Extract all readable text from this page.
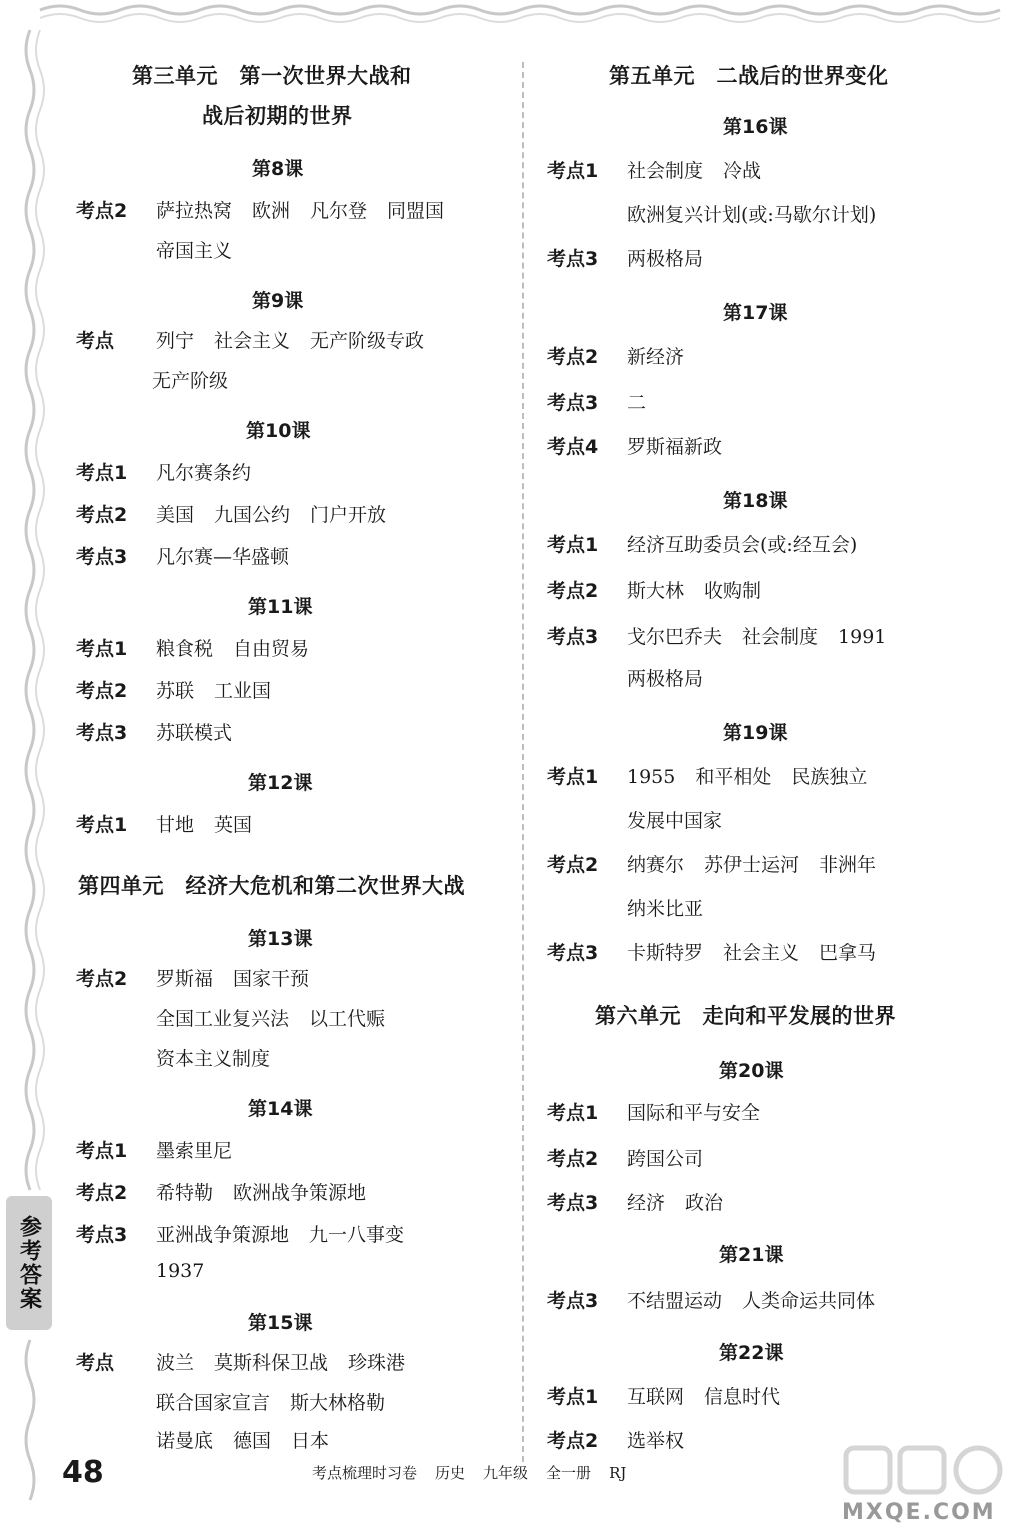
第三单元　第一次世界大战和
战后初期的世界
第8课
考点2 萨拉热窝 欧洲 凡尔登 同盟国
帝国主义
第9课
考点 列宁 社会主义 无产阶级专政
无产阶级
第10课
考点1 凡尔赛条约
考点2 美国 九国公约 门户开放
考点3 凡尔赛—华盛顿
第11课
考点1 粮食税 自由贸易
考点2 苏联 工业国
考点3 苏联模式
第12课
考点1 甘地 英国
第四单元　经济大危机和第二次世界大战
第13课
考点2 罗斯福 国家干预
全国工业复兴法 以工代赈
资本主义制度
第14课
考点1 墨索里尼
考点2 希特勒 欧洲战争策源地
考点3 亚洲战争策源地 九一八事变
1937
第15课
考点 波兰 莫斯科保卫战 珍珠港
联合国家宣言 斯大林格勒
诺曼底 德国 日本
第五单元　二战后的世界变化
第16课
考点1 社会制度 冷战
欧洲复兴计划(或:马歇尔计划)
考点3 两极格局
第17课
考点2 新经济
考点3 二
考点4 罗斯福新政
第18课
考点1 经济互助委员会(或:经互会)
考点2 斯大林 收购制
考点3 戈尔巴乔夫 社会制度 1991
两极格局
第19课
考点1 1955 和平相处 民族独立
发展中国家
考点2 纳赛尔 苏伊士运河 非洲年
纳米比亚
考点3 卡斯特罗 社会主义 巴拿马
第六单元　走向和平发展的世界
第20课
考点1 国际和平与安全
考点2 跨国公司
考点3 经济 政治
第21课
考点3 不结盟运动 人类命运共同体
第22课
考点1 互联网 信息时代
考点2 选举权
参考答案
48	考点梳理时习卷 历史 九年级 全一册 RJ
MXQE.COM
